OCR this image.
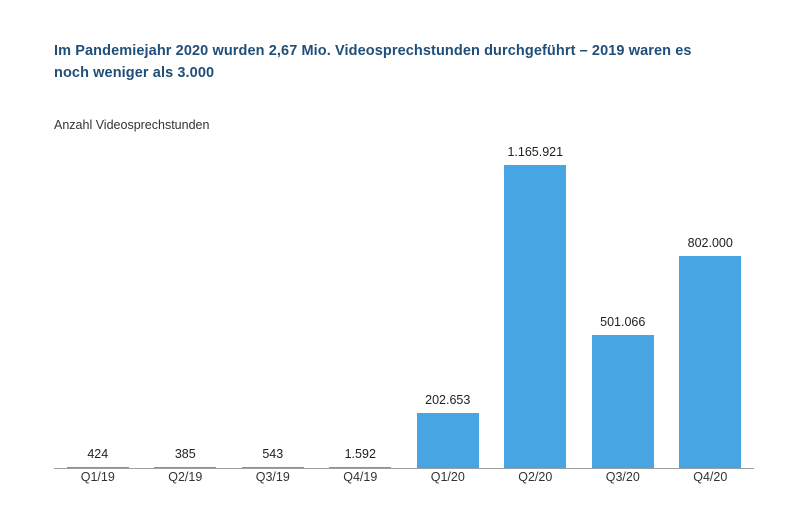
Im Pandemiejahr 2020 wurden 2,67 Mio. Videosprechstunden durchgeführt – 2019 waren es noch weniger als 3.000
Anzahl Videosprechstunden
424	385	543	1.592
202.653
1.165.921
501.066
802.000
Q1/19	Q2/19	Q3/19	Q4/19	Q1/20	Q2/20	Q3/20	Q4/20
